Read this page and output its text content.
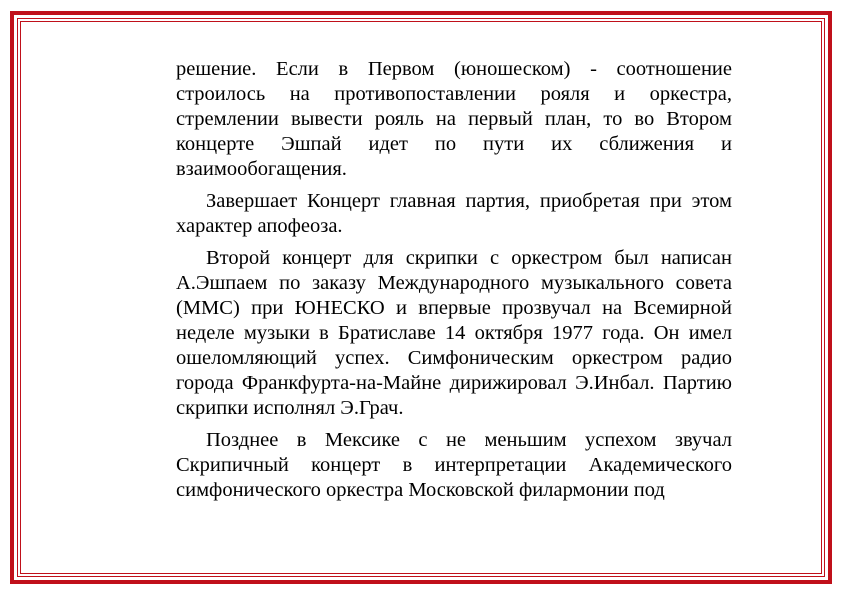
решение. Если в Первом (юношеском) - соотношение строилось на противопоставлении рояля и оркестра, стремлении вывести рояль на первый план, то во Втором концерте Эшпай идет по пути их сближения и взаимообогащения.

Завершает Концерт главная партия, приобретая при этом характер апофеоза.

Второй концерт для скрипки с оркестром был написан А.Эшпаем по заказу Международного музыкального совета (ММС) при ЮНЕСКО и впервые прозвучал на Всемирной неделе музыки в Братиславе 14 октября 1977 года. Он имел ошеломляющий успех. Симфоническим оркестром радио города Франкфурта-на-Майне дирижировал Э.Инбал. Партию скрипки исполнял Э.Грач.

Позднее в Мексике с не меньшим успехом звучал Скрипичный концерт в интерпретации Академического симфонического оркестра Московской филармонии под
